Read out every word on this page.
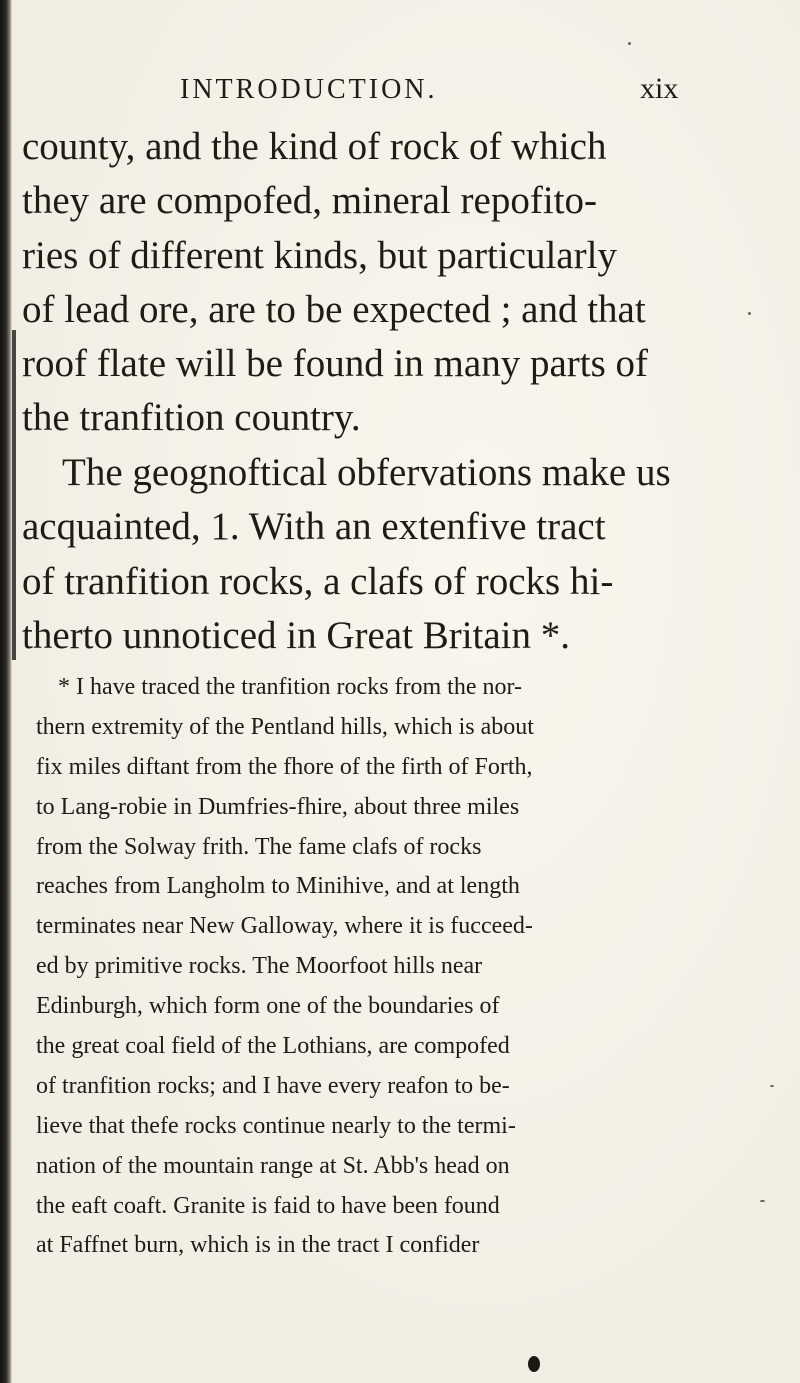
INTRODUCTION.	xix
county, and the kind of rock of which
they are compofed, mineral repofito-
ries of different kinds, but particularly
of lead ore, are to be expected ; and that
roof flate will be found in many parts of
the tranfition country.
The geognoftical obfervations make us
acquainted, 1. With an extenfive tract
of tranfition rocks, a clafs of rocks hi-
therto unnoticed in Great Britain *.
* I have traced the tranfition rocks from the nor-
thern extremity of the Pentland hills, which is about
fix miles diftant from the fhore of the firth of Forth,
to Lang-robie in Dumfries-fhire, about three miles
from the Solway frith. The fame clafs of rocks
reaches from Langholm to Minihive, and at length
terminates near New Galloway, where it is fucceed-
ed by primitive rocks. The Moorfoot hills near
Edinburgh, which form one of the boundaries of
the great coal field of the Lothians, are compofed
of tranfition rocks; and I have every reafon to be-
lieve that thefe rocks continue nearly to the termi-
nation of the mountain range at St. Abb's head on
the eaft coaft. Granite is faid to have been found
at Faffnet burn, which is in the tract I confider
